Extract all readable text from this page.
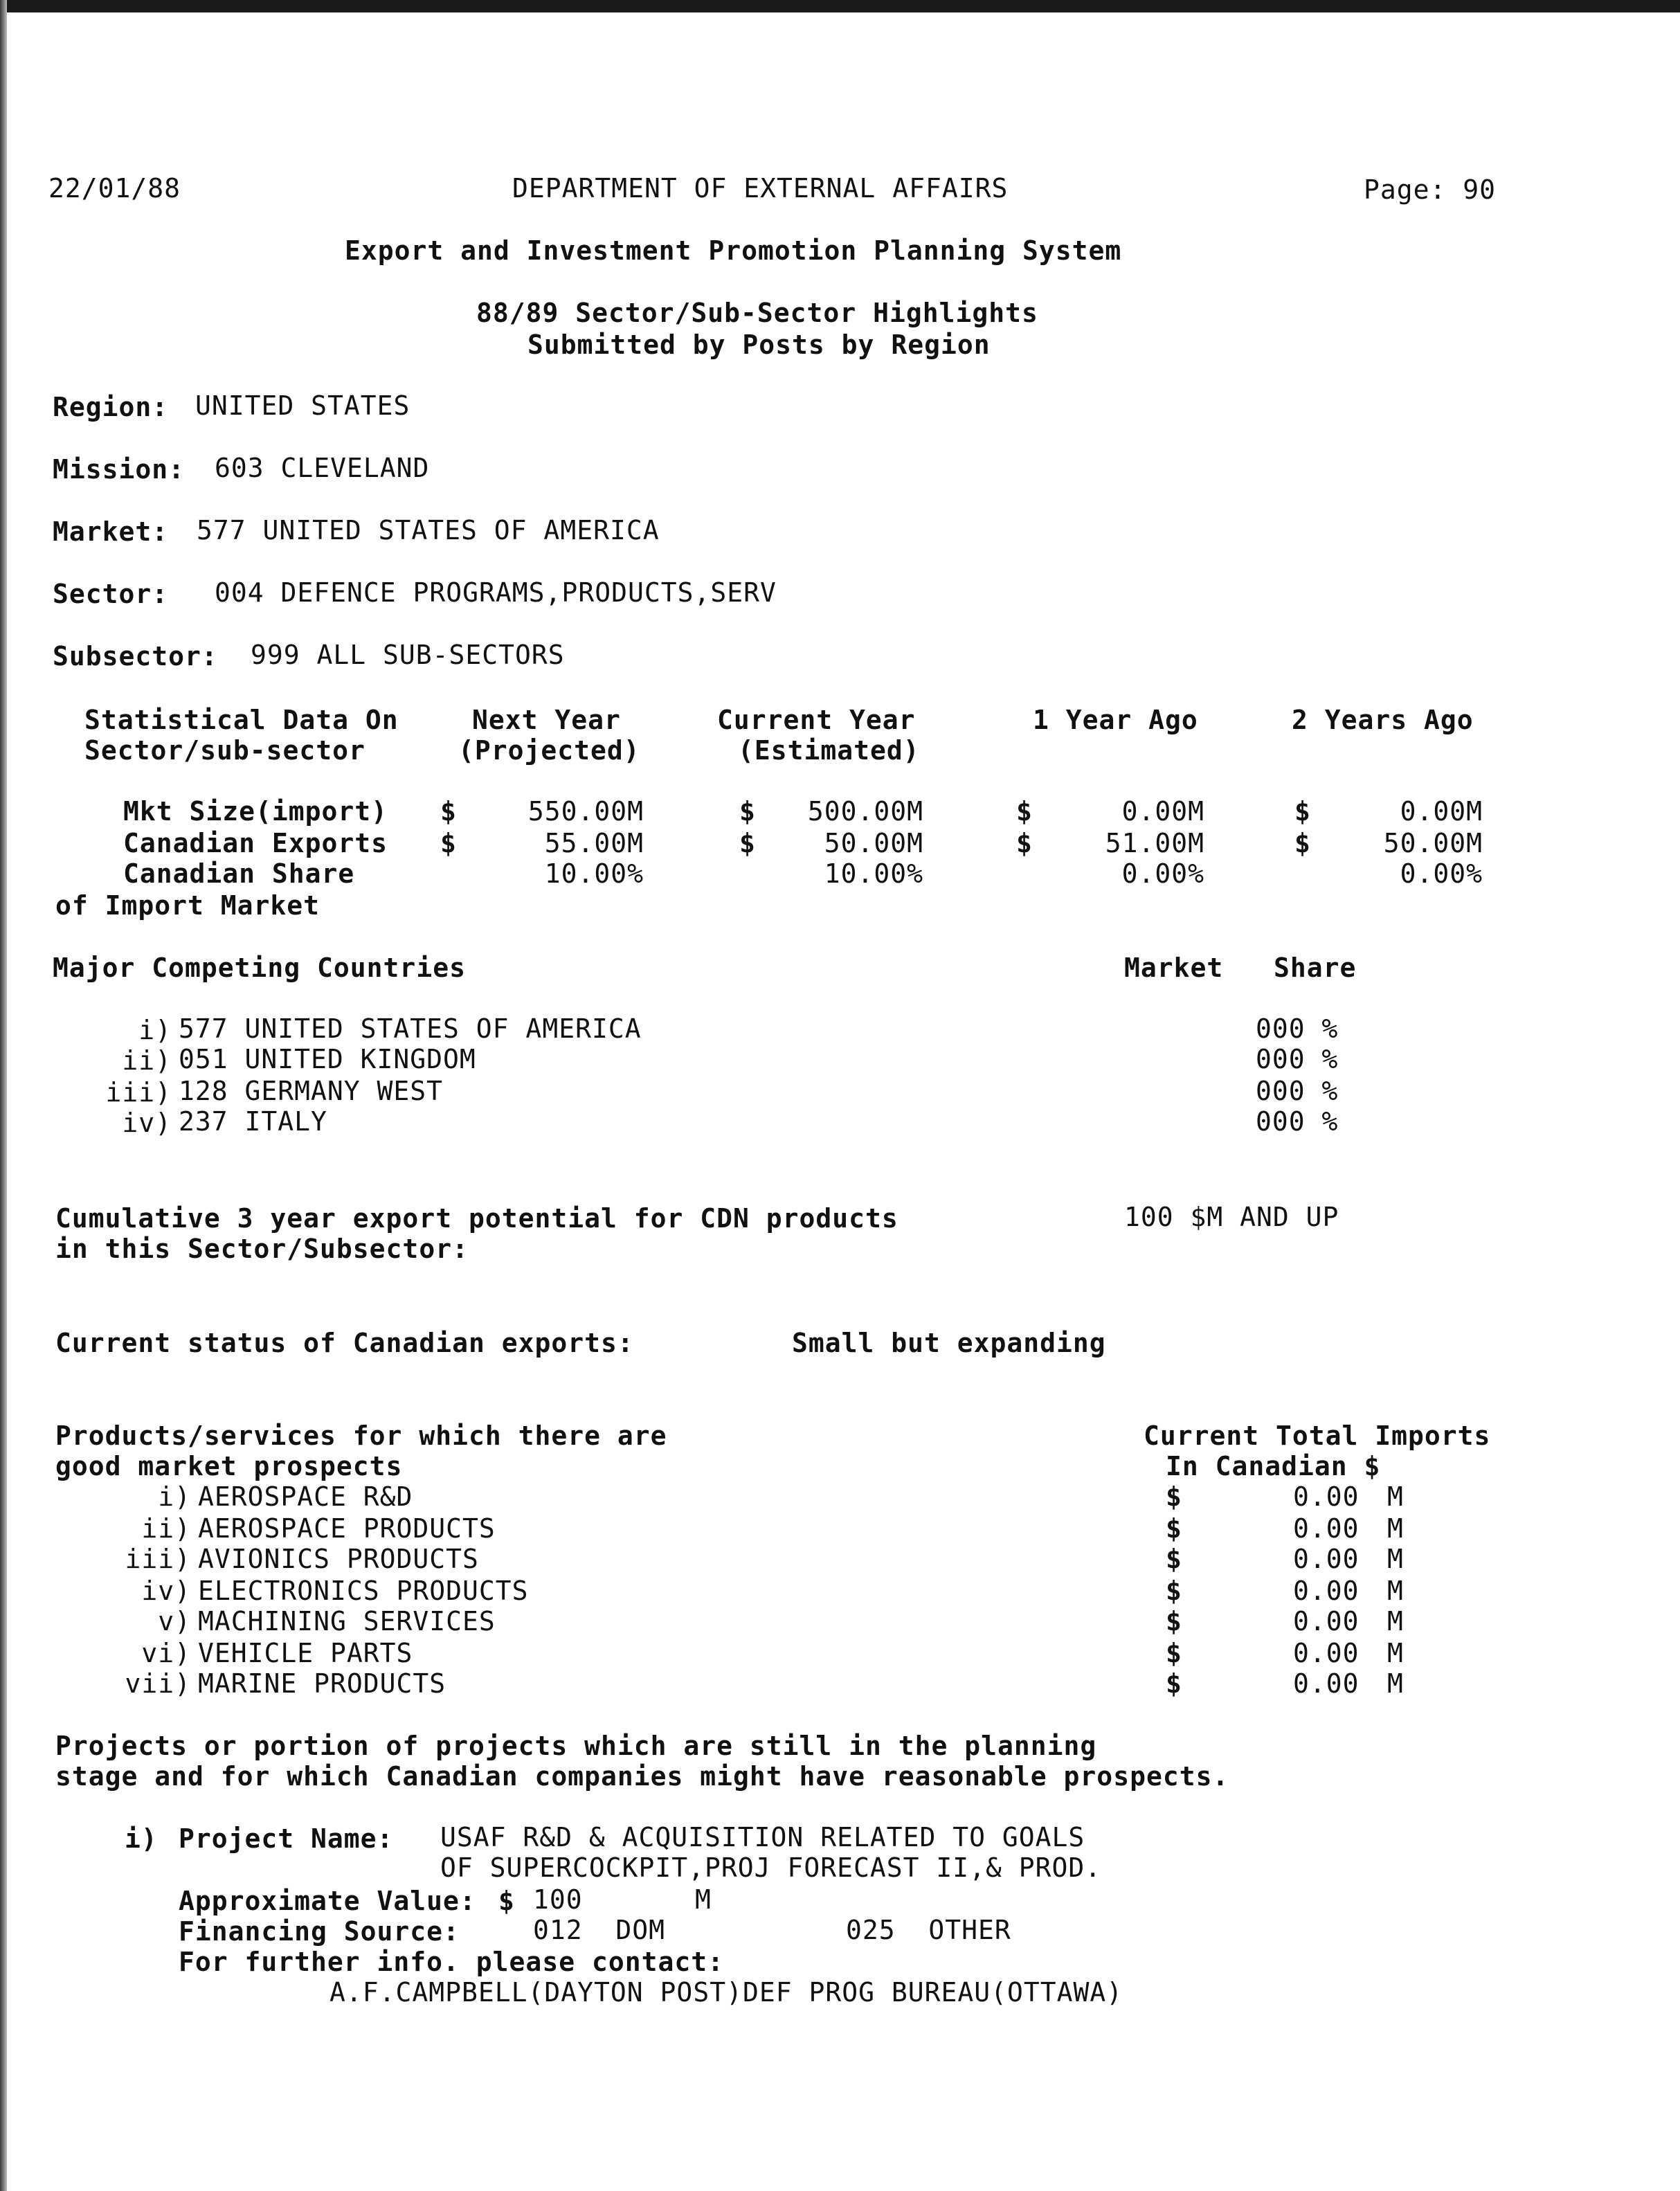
22/01/88	DEPARTMENT OF EXTERNAL AFFAIRS	Page: 90
Export and Investment Promotion Planning System
88/89 Sector/Sub-Sector Highlights
Submitted by Posts by Region
Region: UNITED STATES
Mission: 603 CLEVELAND
Market: 577 UNITED STATES OF AMERICA
Sector: 004 DEFENCE PROGRAMS,PRODUCTS,SERV
Subsector: 999 ALL SUB-SECTORS
Statistical Data On	Next Year	Current Year	1 Year Ago	2 Years Ago
Sector/sub-sector	(Projected)	(Estimated)
Mkt Size(import) $	550.00M	$	500.00M	$	0.00M	$	0.00M
Canadian Exports $	55.00M	$	50.00M	$	51.00M	$	50.00M
Canadian Share	10.00%	10.00%	0.00%	0.00%
of Import Market
Major Competing Countries	Market Share
i) 577 UNITED STATES OF AMERICA	000 %
ii) 051 UNITED KINGDOM	000 %
iii) 128 GERMANY WEST	000 %
iv) 237 ITALY	000 %
Cumulative 3 year export potential for CDN products
in this Sector/Subsector:
100 $M AND UP
Current status of Canadian exports:	Small but expanding
Products/services for which there are
good market prospects
Current Total Imports
In Canadian $
i) AEROSPACE R&D	$	0.00 M
ii) AEROSPACE PRODUCTS	$	0.00 M
iii) AVIONICS PRODUCTS	$	0.00 M
iv) ELECTRONICS PRODUCTS	$	0.00 M
v) MACHINING SERVICES	$	0.00 M
vi) VEHICLE PARTS	$	0.00 M
vii) MARINE PRODUCTS	$	0.00 M
Projects or portion of projects which are still in the planning
stage and for which Canadian companies might have reasonable prospects.
i) Project Name: USAF R&D & ACQUISITION RELATED TO GOALS
OF SUPERCOCKPIT,PROJ FORECAST II,& PROD.
Approximate Value: $ 100	M
Financing Source:	012  DOM	025  OTHER
For further info. please contact:
A.F.CAMPBELL(DAYTON POST)DEF PROG BUREAU(OTTAWA)
